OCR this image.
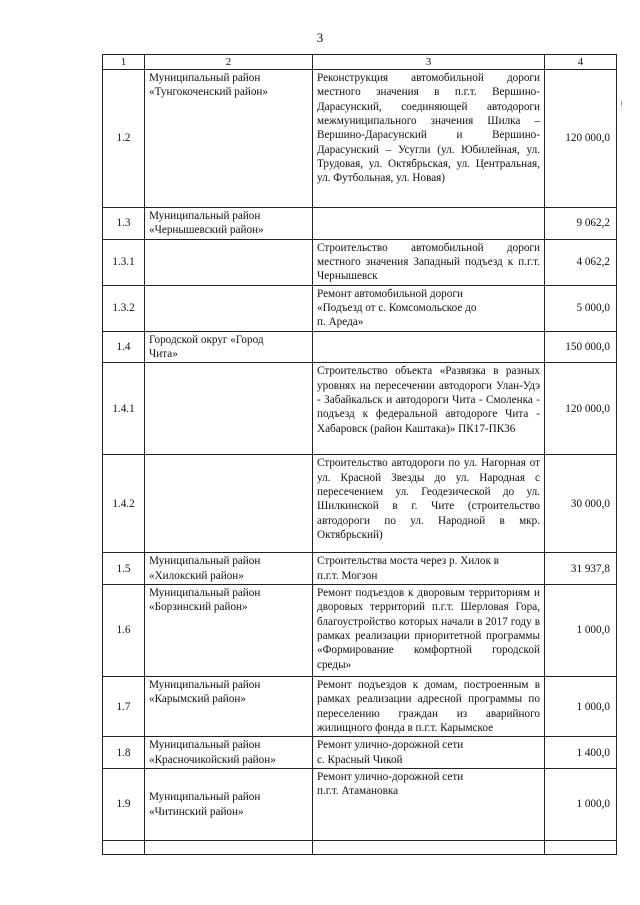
3
1	2	3	4
1.2	Муниципальный район
«Тунгокоченский район»	Реконструкция автомобильной дороги местного значения в п.г.т. Вершино-Дарасунский, соединяющей автодороги межмуниципального значения Шилка – Вершино-Дарасунский и Вершино-Дарасунский – Усугли (ул. Юбилейная, ул. Трудовая, ул. Октябрьская, ул. Центральная, ул. Футбольная, ул. Новая)	120 000,0
1.3	Муниципальный район
«Чернышевский район»		9 062,2
1.3.1		Строительство автомобильной дороги местного значения Западный подъезд к п.г.т. Чернышевск	4 062,2
1.3.2		Ремонт автомобильной дороги
«Подъезд от с. Комсомольское до
п. Ареда»	5 000,0
1.4	Городской округ «Город
Чита»		150 000,0
1.4.1		Строительство объекта «Развязка в разных уровнях на пересечении автодороги Улан-Удэ - Забайкальск и автодороги Чита - Смоленка - подъезд к федеральной автодороге Чита - Хабаровск (район Каштака)» ПК17-ПК36	120 000,0
1.4.2		Строительство автодороги по ул. Нагорная от ул. Красной Звезды до ул. Народная с пересечением ул. Геодезической до ул. Шилкинской в г. Чите (строительство автодороги по ул. Народной в мкр. Октябрьский)	30 000,0
1.5	Муниципальный район
«Хилокский район»	Строительства моста через р. Хилок в
п.г.т. Могзон	31 937,8
1.6	Муниципальный район
«Борзинский район»	Ремонт подъездов к дворовым территориям и дворовых территорий п.г.т. Шерловая Гора, благоустройство которых начали в 2017 году в рамках реализации приоритетной программы «Формирование комфортной городской среды»	1 000,0
1.7	Муниципальный район
«Карымский район»	Ремонт подъездов к домам, построенным в рамках реализации адресной программы по переселению граждан из аварийного жилищного фонда в п.г.т. Карымское	1 000,0
1.8	Муниципальный район
«Красночикойский район»	Ремонт улично-дорожной сети
с. Красный Чикой	1 400,0
1.9	Муниципальный район
«Читинский район»	Ремонт улично-дорожной сети
п.г.т. Атамановка	1 000,0
